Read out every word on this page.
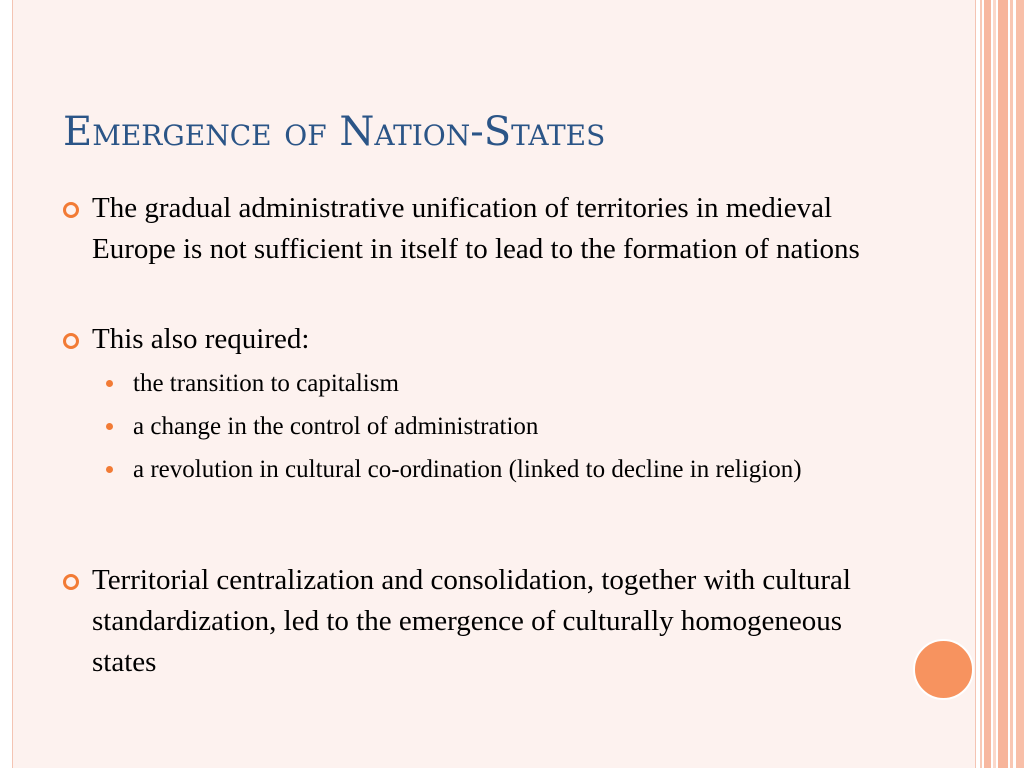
Emergence of Nation-States

The gradual administrative unification of territories in medieval Europe is not sufficient in itself to lead to the formation of nations

This also required:

the transition to capitalism

a change in the control of administration

a revolution in cultural co-ordination (linked to decline in religion)

Territorial centralization and consolidation, together with cultural standardization, led to the emergence of culturally homogeneous states
